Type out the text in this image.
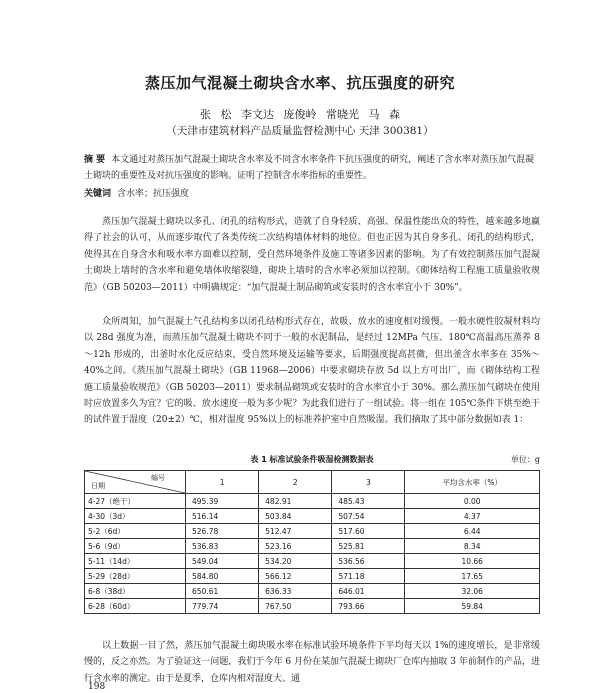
蒸压加气混凝土砌块含水率、抗压强度的研究
张 松 李文达 庞俊岭 常晓光 马 森
（天津市建筑材料产品质量监督检测中心 天津 300381）
摘 要 本文通过对蒸压加气混凝土砌块含水率及不同含水率条件下抗压强度的研究，阐述了含水率对蒸压加气混凝土砌块的重要性及对抗压强度的影响。证明了控制含水率指标的重要性。
关键词 含水率；抗压强度

蒸压加气混凝土砌块以多孔、闭孔的结构形式，造就了自身轻质、高强、保温性能出众的特性，越来越多地赢得了社会的认可，从而逐步取代了各类传统二次结构墙体材料的地位。但也正因为其自身多孔、闭孔的结构形式，使得其在自身含水和吸水率方面难以控制，受自然环境条件及施工等诸多因素的影响。为了有效控制蒸压加气混凝土砌块上墙时的含水率和避免墙体收缩裂缝，砌块上墙时的含水率必须加以控制。《砌体结构工程施工质量验收规范》（GB 50203—2011）中明确规定：“加气混凝土制品砌筑或安装时的含水率宜小于 30%”。

众所周知，加气混凝土气孔结构多以闭孔结构形式存在，故吸、放水的速度相对缓慢。一般水硬性胶凝材料均以 28d 强度为准，而蒸压加气混凝土砌块不同于一般的水泥制品，是经过 12MPa 气压、180℃高温高压蒸养 8～12h 形成的，出釜时水化反应结束，受自然环境及运输等要求，后期强度提高甚微，但出釜含水率多在 35%～40%之间。《蒸压加气混凝土砌块》（GB 11968—2006）中要求砌块存放 5d 以上方可出厂，而《砌体结构工程施工质量验收规范》（GB 50203—2011）要求制品砌筑或安装时的含水率宜小于 30%。那么蒸压加气砌块在使用时应放置多久为宜？它的吸、放水速度一般为多少呢？为此我们进行了一组试验。将一组在 105℃条件下烘至绝干的试件置于湿度（20±2）℃，相对湿度 95%以上的标准养护室中自然吸湿。我们摘取了其中部分数据如表 1：

表 1 标准试验条件吸湿检测数据表	单位：g
编号
日期	1	2	3	平均含水率（%）
4-27（绝干）	495.39	482.91	485.43	0.00
4-30（3d）	516.14	503.84	507.54	4.37
5-2（6d）	526.78	512.47	517.60	6.44
5-6（9d）	536.83	523.16	525.81	8.34
5-11（14d）	549.04	534.20	536.56	10.66
5-29（28d）	584.80	566.12	571.18	17.65
6-8（38d）	650.61	636.33	646.01	32.06
6-28（60d）	779.74	767.50	793.66	59.84

以上数据一目了然，蒸压加气混凝土砌块吸水率在标准试验环境条件下平均每天以 1%的速度增长，是非常缓慢的，反之亦然。为了验证这一问题，我们于今年 6 月份在某加气混凝土砌块厂仓库内抽取 3 年前制作的产品，进行含水率的测定。由于是夏季，仓库内相对湿度大、通

198
